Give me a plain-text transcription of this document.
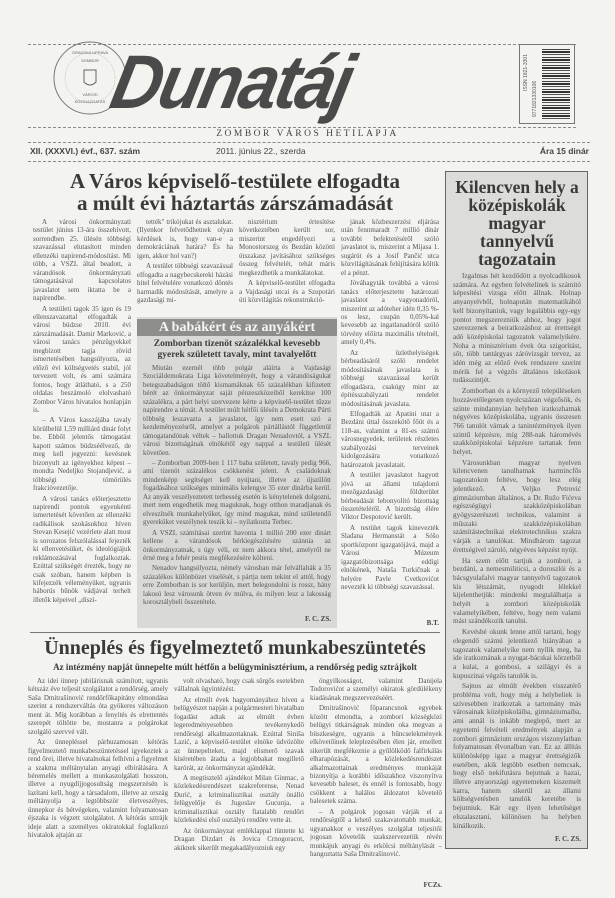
GRADSKA UPRAVA
SOMBOR
VÁROSI
KÖZIGAZGATÁS
Dunatáj	ISSN 1821-3301
9771821330106
ZOMBOR VÁROS HETILAPJA
XII. (XXXVI.) évf., 637. szám	2011. június 22., szerda	Ára 15 dinár
A Város képviselő-testülete elfogadta
a múlt évi háztartás zárszámadását

A városi önkormányzati testület június 13-ára összehívott, sorrendben 25. ülésén többségi szavazással elutasított minden ellenzéki napirend-módosítást. Mi több, a VSZL által beadott, a várandósok önkormányzati támogatásával kapcsolatos javaslatot sem iktatta be a napirendbe.

A testületi tagok 35 igen és 19 ellenszavazattal elfogadták a városi büdzse 2010. évi zárszámadását. Damir Marković, a városi tanács pénzügyekkel megbízott tagja rövid ismertetésében hangsúlyozta, az előző évi költségvetés stabil, jól tervezett volt, és ami számára fontos, hogy átlátható, s a 250 oldalas beszámoló elolvasható Zombor Város hivatalos honlapján is.

– A Város kasszájába tavaly körülbelül 1,59 milliárd dinár folyt be. Ebből jelentős támogatást kapott számos büdzséélvező, de meg kell jegyezni: kevésnek bizonyult az igényekhez képest – mondta Nedeljko Stojandjević, a többségi tömörülés frakcióvezetője.

A városi tanács előterjesztette napirendi pontok egyenkénti ismertetését követően az ellenzéki radikálisok szokásukhoz híven Stevan Kesejić vezérlete alatt most is sorozatos felszólalással fejezték ki ellenvetésüket, és ideológiájuk reklámozásával foglalkoztak. Ezúttal szükségét érezték, hogy ne csak szóban, hanem képben is kifejezzék véleményüket, ugyanis háborús bűnök vádjával terhelt illetők képeivel „díszí-

tették" trikójukat és asztalukat. (Ilyenkor felvetődhetnek olyan kérdések is, hogy van-e a demokráciának határa? És ha igen, akkor hol van?)

A testület többségi szavazással elfogadta a nagybecskereki házási hitel felvételére vonatkozó döntés harmadik módosítását, amelyre a gazdasági mi-

nisztérium értesítése következtében került sor, miszerint engedélyezi a Monostorszeg és Bezdán közötti útszakasz javításához szükséges összeg felvételét, tehát máris megkezdhetik a munkálatokat.

A képviselő-testület elfogadta a Vajdasági utcai és a Szupotári úti közvilágítás rekonstrukció-

jának közbeszerzési eljárása után fennmaradt 7 millió dinár további befektetéséről szóló javaslatot is, miszerint a Mijasa 1. sugárút és a Josif Pančić utca közvilágításának felújítására költik el a pénzt.

Jóváhagyták továbbá a városi tanács előterjesztette határozati javaslatot a vagyonadóról, miszerint az adóteher idén 0,35 %-os lesz, csupán 0,05%-kal kevesebb az ingatlanadóról szóló törvény előírta maximális tételnél, amely 0,4%.

Az üzlethelyiségek bérbeadásáról szóló rendelet módosításának javaslata is többségi szavazással került elfogadásra, csakúgy mint az építésszabályzati rendelet módosításának javaslata.

Elfogadták az Apatini utat a Bezdáni úttal összekötő főút és a 118-as, valamint a 81-es számú városnegyedek, területek részletes szabályozási terveinek kidolgozására vonatkozó határozatok javaslatait.

A testület javaslatot hagyott jóvá az állami tulajdonú mezőgazdasági földterület bérbeadását lebonyolító bizottság összetételéről. A bizottság élére Viktor Despotović került.

A testület tagok kinevezték Slađana Hermanstát a Sóšo sportközpont igazgatójává, majd a Városi Múzeum igazgatóbizottsága eddigi elnökének, Nataša Turkičnak a helyére Pavle Cvetkovićot nevezték ki többségi szavazással.

B.T.
A babákért és az anyákért
Zomborban tizenöt százalékkal kevesebb gyerek született tavaly, mint tavalyelőtt

Miután ezernél több polgár aláírta a Vajdasági Szociáldemokrata Liga követelményét, hogy a várandóságukat betegszabadságon töltő kismamáknak 65 százalékban kifizetett bérét az önkormányzat saját pénzeszközeiből kerekítse 100 százalékra, a párt helyi szervezete kérte a képviselő-testület tűzze napirendre a témát. A testület múlt hétfői ülésén a Demokrata Párti többség leszavazta a javaslatot, így nem esett szó a kezdeményezésről, amelyet a polgárok pártállástól függetlenül támogatandónak véltek – hallottuk Dragan Nenadovtól, a VSZL városi bizottságának elnökétől egy nappal a testületi ülését követően.

– Zomborban 2009-ben 1 117 baba született, tavaly pedig 966, ami tizenöt százalékos csökkenést jelent. A családoknak mindenképp segítséget kell nyújtani, illetve az újszülött fogadásához szükséges minimális kelengye 35 ezer dinárba kerül. Az anyák veszélyeztetett terhesség esetén is kénytelenek dolgozni, mert nem engedhetik meg maguknak, hogy otthon maradjanak és elveszítsék munkahelyüket, így mind magukat, mind születendő gyereküket veszélynek teszik ki – nyilatkozta Terbec.

A VSZL számításai szerint havonta 1 millió 200 ezer dinárt kellene a várandósok bérkiegészítésére szánnia az önkormányzatnak, s úgy véli, ez nem akkora tétel, amelyről ne érné meg a fehér pestis megfékezésére költeni.

Nenadov hangsúlyozta, némely városban már felvállalták a 35 százalékos különbözet viselését, s pártja nem tekint el attól, hogy erre Zomborban is sor kerüljön, mert belegondolni is rossz, hány lakosú lesz városunk ötven év múlva, és milyen lesz a lakosság korosztálybeli összetétele.

F. C. ZS.
Ünneplés és figyelmeztető munkabeszüntetés
Az intézmény napját ünnepelte múlt hétfőn a belügyminisztérium, a rendőrség pedig sztrájkolt

Az idei ünnep jubilárisnak számított, ugyanis kétszáz éve teljesít szolgálatot a rendőrség, amely Saša Dmitrašinović rendőrfőkapitány elmondása szerint a rendszerváltás óta gyökeres változáson ment át. Míg korábban a fenyítés és elrettentés szerepét töltötte be, mostanra a polgárokat szolgáló szervvé vált.

Az ünnepléssel párhuzamosan kétórás figyelmeztető munkabeszüntetéssel igyekeztek a rend őrei, illetve hivatalnokai felhívni a figyelmet a szakma méltánytalan anyagi elbírálására. A béremelés mellett a munkaszolgálati hosszon, illetve a nyugdíjjogosultság megszerzésén is lazítani kell, hogy a társadalom, illetve az ország méltányolja a legtöbbször életveszélyes, ünnepkor és hétvégeken, valamint folyamatosan éjszaka is végzett szolgálatot. A kétórás sztrájk ideje alatt a személyes okiratokkal foglalkozó hivatalok ajtaján az

volt olvasható, hogy csak sürgős esetekben vállalnak ügyintézést.

Az elmúlt évek hagyományához híven a belügyészet napján a polgármesteri hivatalban fogadást adtak az elmúlt évben legeredményesebben tevékenykedő rendőrségi alkalmazottaknak. Ezúttal Siniša Lazić, a képviselő-testület elnöke üdvözölte az ünnepelteket, majd elismerő szavak kíséretében átadta a legjobbakat megillető karórát, az önkormányzat ajándékát.

A megtisztelő ajándékot Milan Ginmac, a közlekedésrendészet szakreferense, Nenad Đurić, a kriminalisztikai osztály önálló felügyelője és Jugoslav Gucunja, a kriminalisztikai osztály fiatalabb rendőri közlekedési első osztályú rendőre vette át.

Az önkormányzat emléklappal tüntette ki Dragan Dizdart és Jovica Crnogoracot, akiknek sikerült megakadályozniuk egy

öngyilkosságot, valamint Danijela Todorovićot a személyi okiratok gördülékeny kiadásának megszervezéséért.

Dmitrašinović főparancsnok egyebek között elmondta, a zombori községközi belügyi titkárságnak minden oka megvan a büszkeségre, ugyanis a bűncselekmények elkövetőinek leleplezésében élen jár, emellett sikerült megfékeznie a gyűlölködő falfirkálás elharapózását, a közlekedésrendészet alkalmazottainak eredményes munkáját bizonyítja a korábbi időszakhoz viszonyítva kevesebb baleset, és ennél is fontosabb, hogy csökkent a halálos áldozatot követelő balesetek száma.

– A polgárok jogosan várják el a rendőrségtől a lehető szakavatottabb munkát, ugyanakkor e veszélyes szolgálat teljesítői jogosan követelik szakszervezetük révén munkájuk anyagi és erkölcsi méltánylását – hangoztatta Saša Dmitrašinović.

FCZs.
Kilencven hely a középiskolák magyar tannyelvű tagozatain

Izgalmas hét kezdődött a nyolcadikosok számára. Az egyben felvételinek is számító képesítési vizsga előtt állnak. Holnap anyanyelvből, holnapután matematikából kell bizonyítaniuk, vagy legalábbis egy-egy pontot megszerezniük ahhoz, hogy jogot szerezzenek a beiratkozáshoz az érettségit adó középiskolai tagozatok valamelyikére. Noha a minisztérium évek óta szigorítást, sőt, több tantárgyas záróvizsgát tervez, az idén még az előző évek rendszere szerint mérik fel a végzős általános iskolások tudásszintjét.

Zomborban és a környező településeken hozzávetőlegesen nyolcszázan végzősök, és szinte mindannyian helyben iratkozhatnak négyéves középiskolába, ugyanis összesen 766 tanulót várnak a tanintézmények ilyen szintű képzésre, míg 288-nak háromévés szakközépiskolai képzésre tartanak fenn helyet.

Városunkban magyar nyelven kilencvenen tanulhatnak harmincfős tagozatokon feltéve, hogy lesz elég jelentkező. A Veljko Petrović gimnáziumban általános, a Dr. Ružo Fićeva egészségügyi szakközépiskolában gyógyszerészeti technikus, valamint a műszaki szakközépiskolában számítástechnikai elektrotechnikus szakra várják a tanulókat. Mindhárom tagozat érettségivel záruló, négyéves képzést nyújt.

Ha szem előtt tartjuk a zombori, a bezdáni, a nemesmiliticsi, a doroszlói és a bácsgyulafalvi magyar tannyelvű tagozatok kis létszámát, nyugodt lélekkel kijelenthetjük: mindenki megtalálhatja a helyét a zombori középiskolák valamelyikében, feltéve, hogy nem valami mást szándékozik tanulni.

Kevésbé okunk lenne attól tartani, hogy elegendő számú jelentkező hiányában a tagozatok valamelyike nem nyílik meg, ha ide iratkoznának a nyugat-bácskai körzetből a kulai, a gombosi, a szilágyi és a kupuszinai végzős tanulók is.

Sajnos az elmúlt években visszatérő probléma volt, hogy még a helybeliek is szívesebben iratkoztak a tartomány más városainak középiskoláiba, gimnáziumaiba, ami annál is inkább meglepő, mert az egyetemi felvételi eredmények alapján a zombori gimnázium országos viszonylatban folyamatosan élvonalban van. Ez az állítás különösképp igaz a magyar érettségizők esetében, akik legtöbb esetben nemcsak, hogy első nekifutásra bejutnak a hazai, illetve anyaországi egyetemeken kiszemelt karra, hanem sikerül az állami költségvetésben tanulók keretébe is bejutniuk. Kár egy ilyen lehetőséget elszalasztani, különösen ha helyben kínálkozik.

F. C. ZS.
